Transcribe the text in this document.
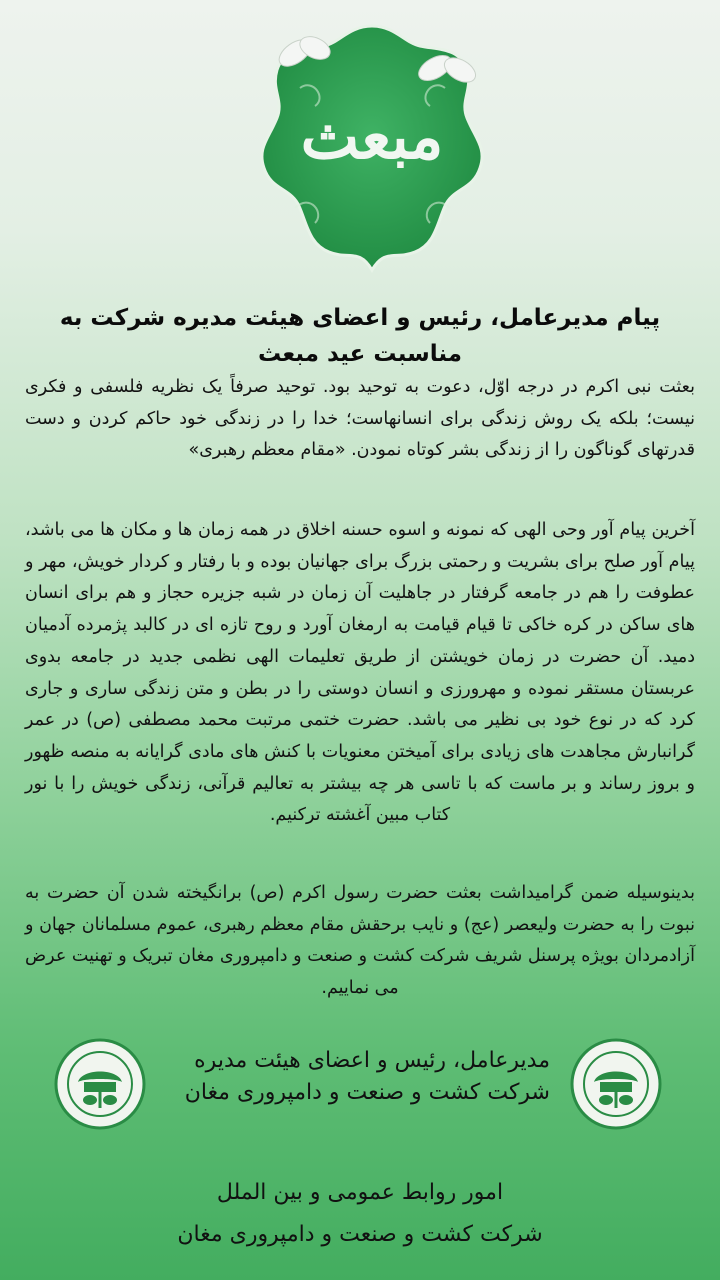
مبعث
پیام مدیرعامل، رئیس و اعضای هیئت مدیره شرکت به مناسبت عید مبعث

بعثت نبی اکرم در درجه اوّل، دعوت به توحید بود. توحید صرفاً یک نظریه فلسفی و فکری نیست؛ بلکه یک روش زندگی برای انسانهاست؛ خدا را در زندگی خود حاکم کردن و دست قدرتهای گوناگون را از زندگی بشر کوتاه نمودن. «مقام معظم رهبری»

آخرین پیام آور وحی الهی که نمونه و اسوه حسنه اخلاق در همه زمان ها و مکان ها می باشد، پیام آور صلح برای بشریت و رحمتی بزرگ برای جهانیان بوده و با رفتار و کردار خویش، مهر و عطوفت را هم در جامعه گرفتار در جاهلیت آن زمان در شبه جزیره حجاز و هم برای انسان های ساکن در کره خاکی تا قیام قیامت به ارمغان آورد و روح تازه ای در کالبد پژمرده آدمیان دمید. آن حضرت در زمان خویشتن از طریق تعلیمات الهی نظمی جدید در جامعه بدوی عربستان مستقر نموده و مهرورزی و انسان دوستی را در بطن و متن زندگی ساری و جاری کرد که در نوع خود بی نظیر می باشد. حضرت ختمی مرتبت محمد مصطفی (ص) در عمر گرانبارش مجاهدت های زیادی برای آمیختن معنویات با کنش های مادی گرایانه به منصه ظهور و بروز رساند و بر ماست که با تاسی هر چه بیشتر به تعالیم قرآنی، زندگی خویش را با نور کتاب مبین آغشته ترکنیم.

بدینوسیله ضمن گرامیداشت بعثت حضرت رسول اکرم (ص) برانگیخته شدن آن حضرت به نبوت را به حضرت ولیعصر (عج) و نایب برحقش مقام معظم رهبری، عموم مسلمانان جهان و آزادمردان بویژه پرسنل شریف شرکت کشت و صنعت و دامپروری مغان تبریک و تهنیت عرض می نماییم.

مدیرعامل، رئیس و اعضای هیئت مدیره
شرکت کشت و صنعت و دامپروری مغان
امور روابط عمومی و بین الملل
شرکت کشت و صنعت و دامپروری مغان
